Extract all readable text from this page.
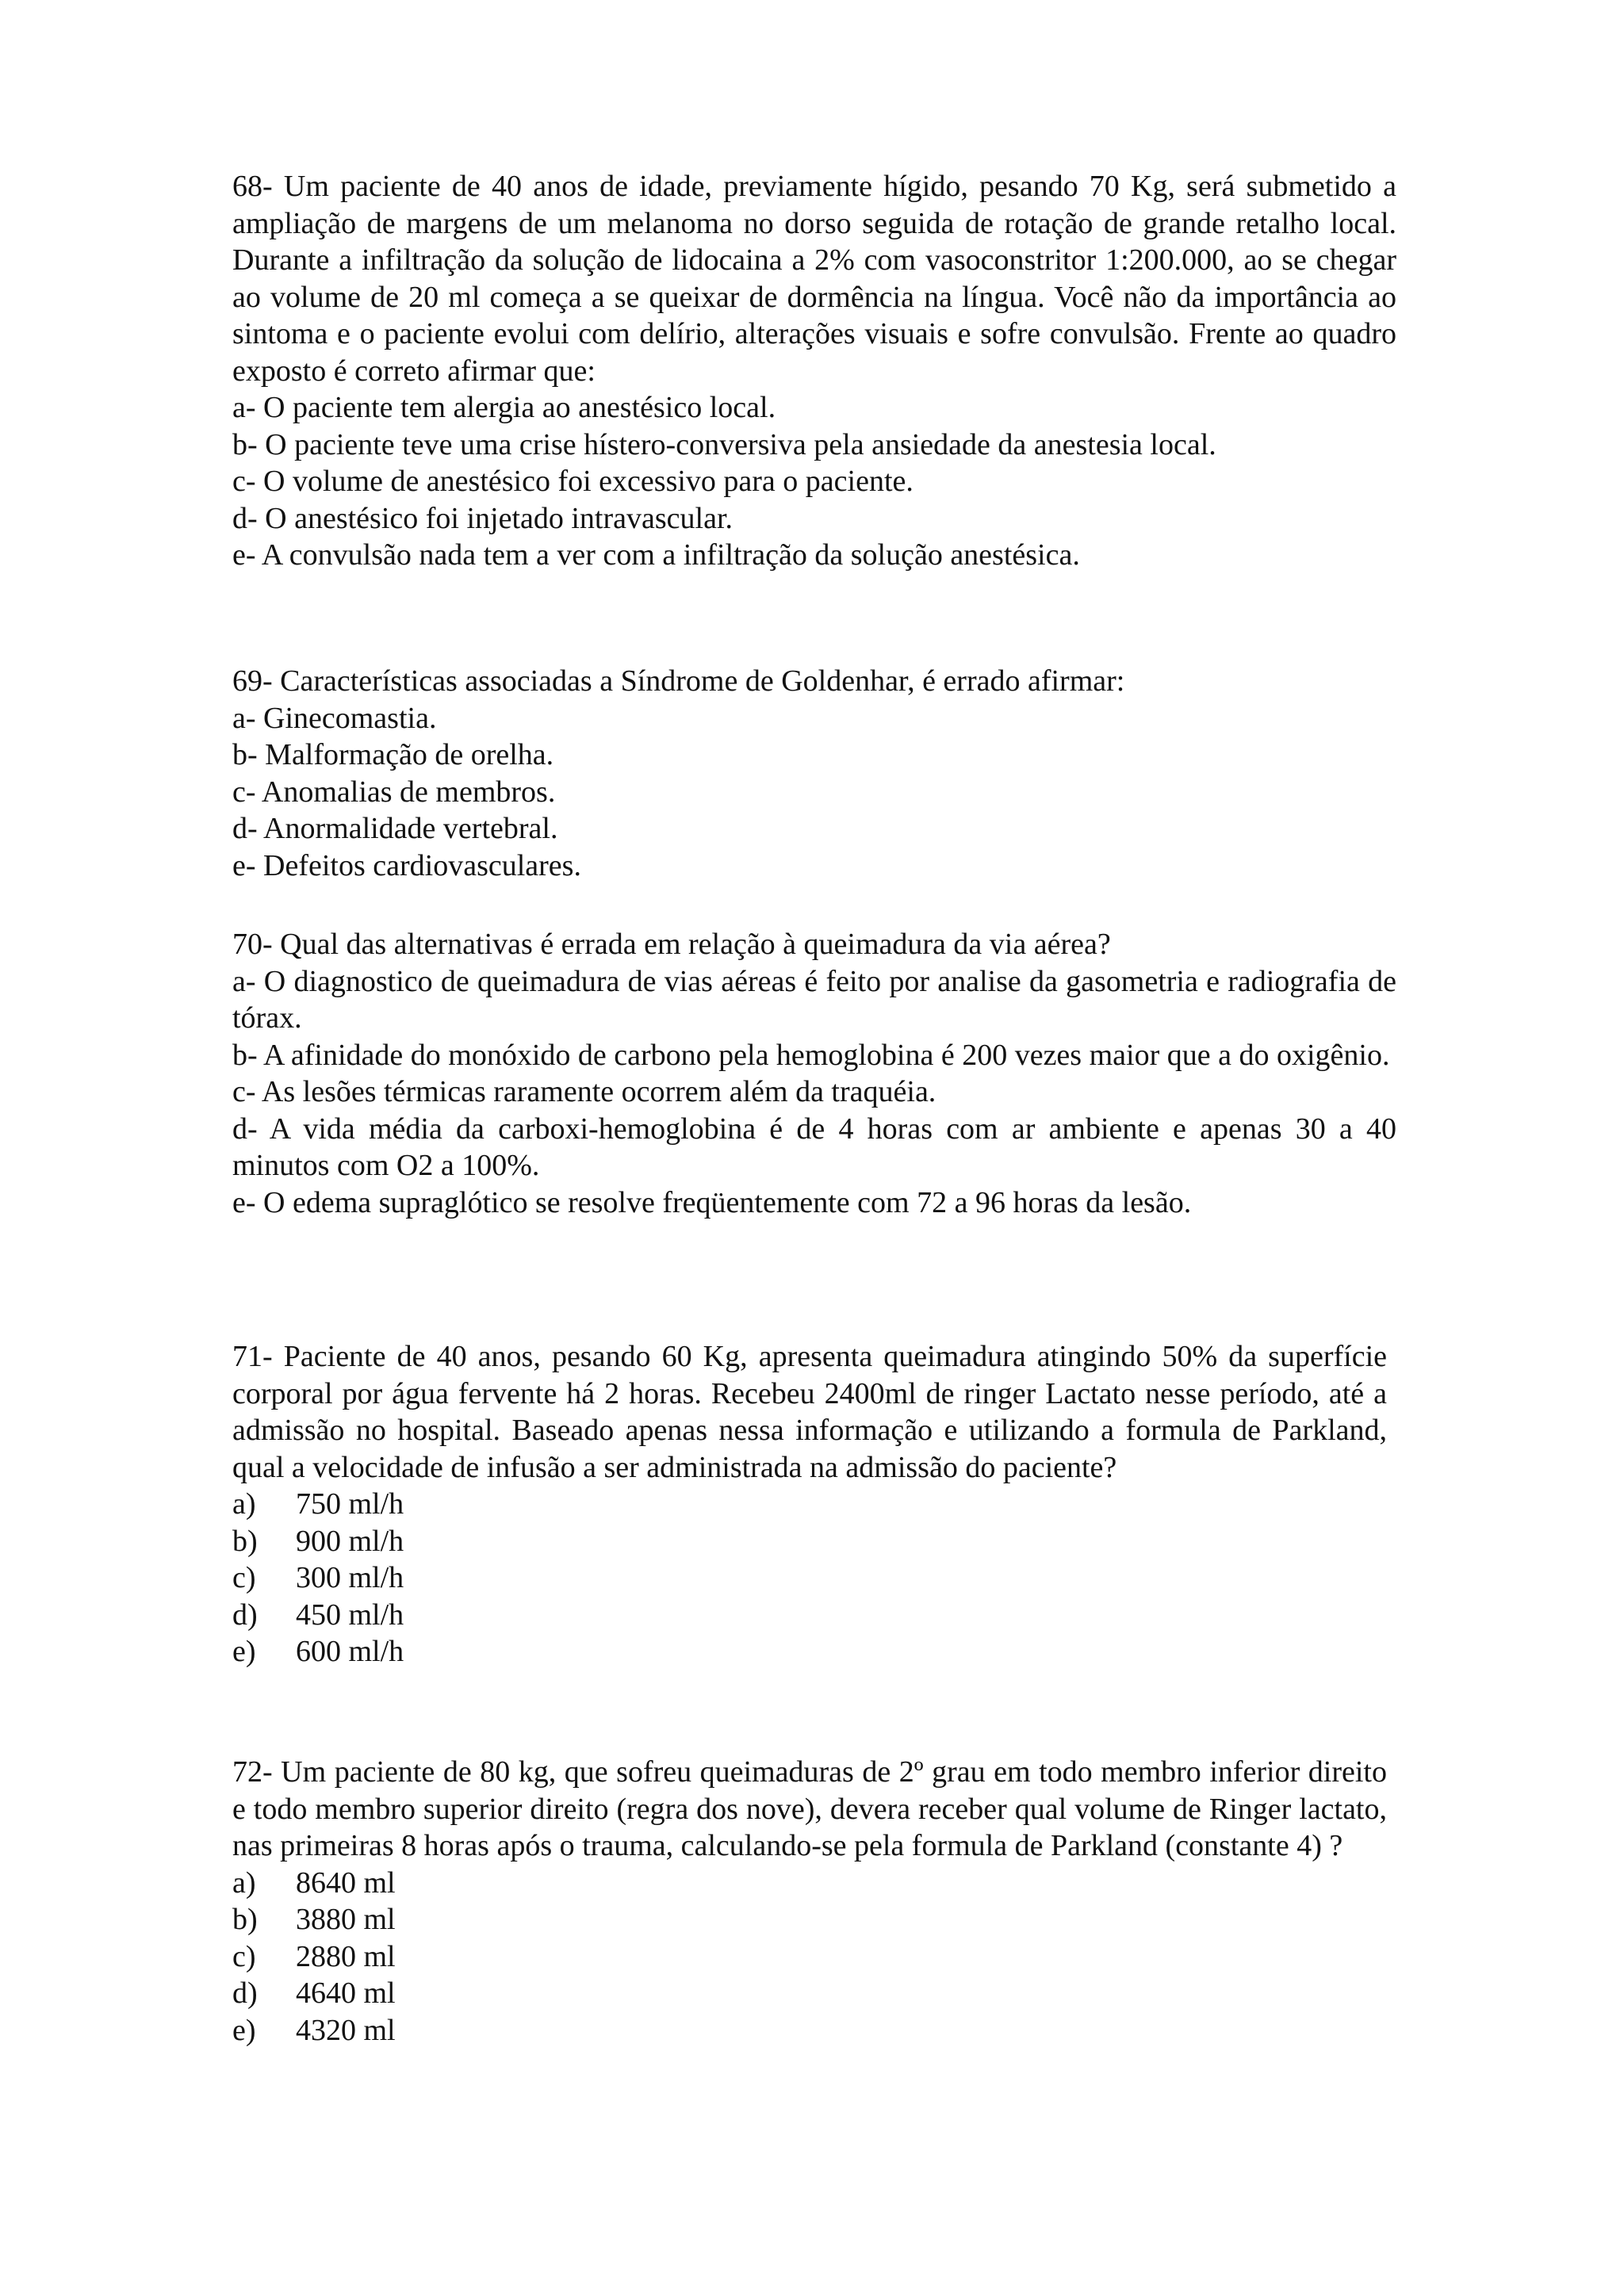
68- Um paciente de 40 anos de idade, previamente hígido, pesando 70 Kg, será submetido a ampliação de margens de um melanoma no dorso seguida de rotação de grande retalho local. Durante a infiltração da solução de lidocaina a 2% com vasoconstritor 1:200.000, ao se chegar ao volume de 20 ml começa a se queixar de dormência na língua. Você não da importância ao sintoma e o paciente evolui com delírio, alterações visuais e sofre convulsão. Frente ao quadro exposto é correto afirmar que:

a- O paciente tem alergia ao anestésico local.

b- O paciente teve uma crise hístero-conversiva pela ansiedade da anestesia local.

c- O volume de anestésico foi excessivo para o paciente.

d- O anestésico foi injetado intravascular.

e- A convulsão nada tem a ver com a infiltração da solução anestésica.

69- Características associadas a Síndrome de Goldenhar, é errado afirmar:

a- Ginecomastia.

b- Malformação de orelha.

c- Anomalias de membros.

d- Anormalidade vertebral.

e- Defeitos cardiovasculares.

70- Qual das alternativas é errada em relação à queimadura da via aérea?

a- O diagnostico de queimadura de vias aéreas é feito por analise da gasometria e radiografia de tórax.

b- A afinidade do monóxido de carbono pela hemoglobina é 200 vezes maior que a do oxigênio.

c- As lesões térmicas raramente ocorrem além da traquéia.

d- A vida média da carboxi-hemoglobina é de 4 horas com ar ambiente e apenas 30 a 40 minutos com O2 a 100%.

e- O edema supraglótico se resolve freqüentemente com 72 a 96 horas da lesão.

71- Paciente de 40 anos, pesando 60 Kg, apresenta queimadura atingindo 50% da superfície corporal por água fervente há 2 horas. Recebeu 2400ml de ringer Lactato nesse período, até a admissão no hospital. Baseado apenas nessa informação e utilizando a formula de Parkland, qual a velocidade de infusão a ser administrada na admissão do paciente?

a) 750 ml/h

b) 900 ml/h

c) 300 ml/h

d) 450 ml/h

e) 600 ml/h

72- Um paciente de 80 kg, que sofreu queimaduras de 2º grau em todo membro inferior direito e todo membro superior direito (regra dos nove), devera receber qual volume de Ringer lactato, nas primeiras 8 horas após o trauma, calculando-se pela formula de Parkland (constante 4) ?

a) 8640 ml

b) 3880 ml

c) 2880 ml

d) 4640 ml

e) 4320 ml
